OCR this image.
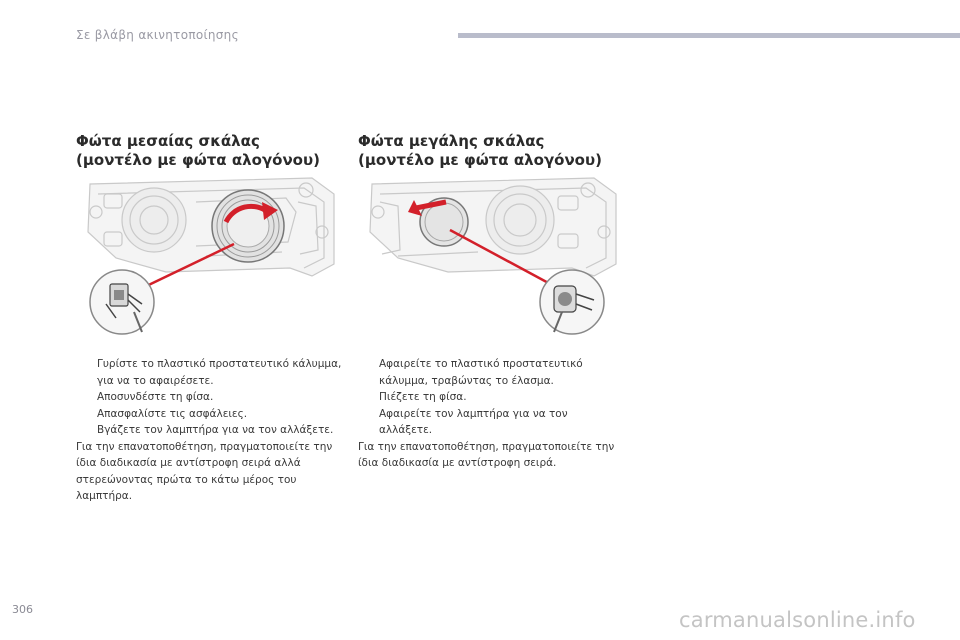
Σε βλάβη ακινητοποίησης
Φώτα μεσαίας σκάλας
(μοντέλο με φώτα αλογόνου)
Γυρίστε το πλαστικό προστατευτικό κάλυμμα, για να το αφαιρέσετε.
Αποσυνδέστε τη φίσα.
Απασφαλίστε τις ασφάλειες.
Βγάζετε τον λαμπτήρα για να τον αλλάξετε.
Για την επανατοποθέτηση, πραγματοποιείτε την ίδια διαδικασία με αντίστροφη σειρά αλλά στερεώνοντας πρώτα το κάτω μέρος του λαμπτήρα.
Φώτα μεγάλης σκάλας
(μοντέλο με φώτα αλογόνου)
Αφαιρείτε το πλαστικό προστατευτικό κάλυμμα, τραβώντας το έλασμα.
Πιέζετε τη φίσα.
Αφαιρείτε τον λαμπτήρα για να τον αλλάξετε.
Για την επανατοποθέτηση, πραγματοποιείτε την ίδια διαδικασία με αντίστροφη σειρά.
306	carmanualsonline.info
